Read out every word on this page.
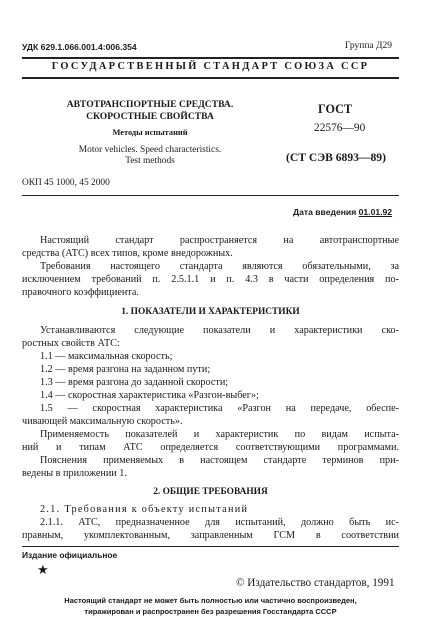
УДК 629.1.066.001.4:006.354	Группа Д29
ГОСУДАРСТВЕННЫЙ СТАНДАРТ СОЮЗА ССР
АВТОТРАНСПОРТНЫЕ СРЕДСТВА.
СКОРОСТНЫЕ СВОЙСТВА
Методы испытаний
Motor vehicles. Speed characteristics.
Test methods
ГОСТ
22576—90
(СТ СЭВ 6893—89)
ОКП 45 1000, 45 2000
Дата введения 01.01.92
Настоящий стандарт распространяется на автотранспортные
средства (АТС) всех типов, кроме внедорожных.
Требования настоящего стандарта являются обязательными, за
исключением требований п. 2.5.1.1 и п. 4.3 в части определения по-
правочного коэффициента.
1. ПОКАЗАТЕЛИ И ХАРАКТЕРИСТИКИ
Устанавливаются следующие показатели и характеристики ско-
ростных свойств АТС:
1.1 — максимальная скорость;
1.2 — время разгона на заданном пути;
1.3 — время разгона до заданной скорости;
1.4 — скоростная характеристика «Разгон-выбег»;
1.5 — скоростная характеристика «Разгон на передаче, обеспе-
чивающей максимальную скорость».
Применяемость показателей и характеристик по видам испыта-
ний и типам АТС определяется соответствующими программами.
Пояснения применяемых в настоящем стандарте терминов при-
ведены в приложении 1.
2. ОБЩИЕ ТРЕБОВАНИЯ
2.1. Требования к объекту испытаний
2.1.1. АТС, предназначенное для испытаний, должно быть ис-
правным, укомплектованным, заправленным ГСМ в соответствии
Издание официальное
★
© Издательство стандартов, 1991
Настоящий стандарт не может быть полностью или частично воспроизведен,
тиражирован и распространен без разрешения Госстандарта СССР
